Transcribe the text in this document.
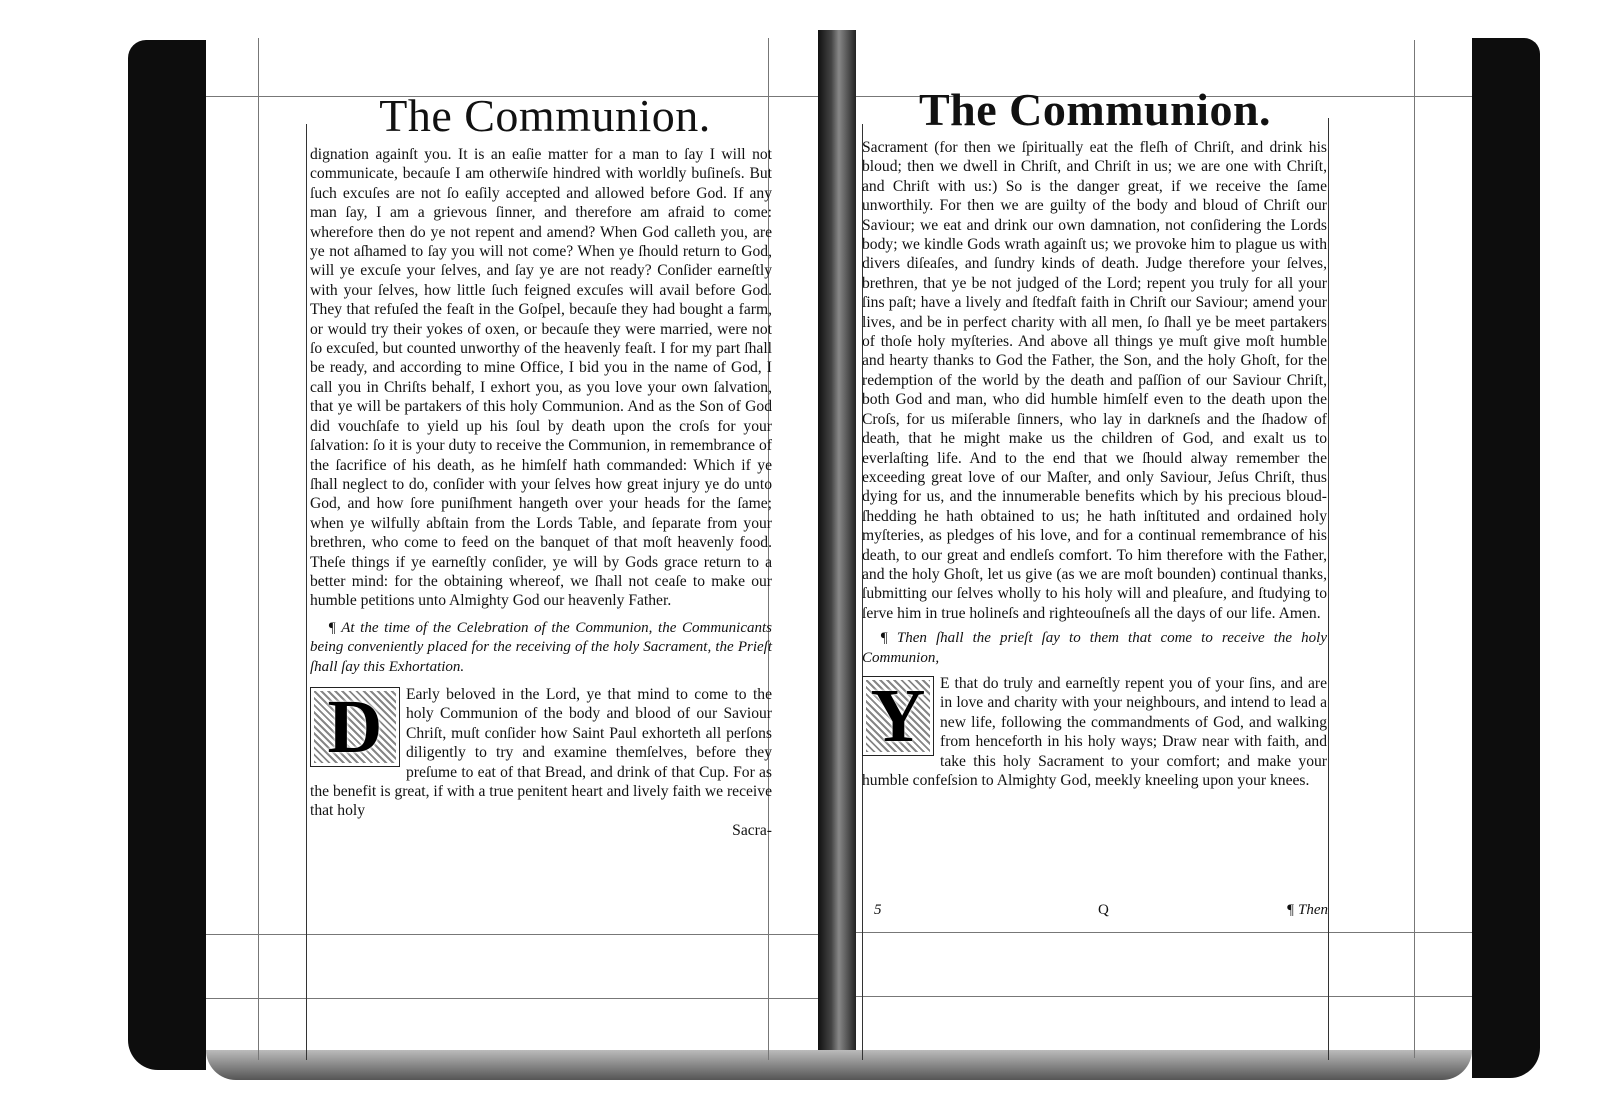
The Communion.

dignation againſt you. It is an eaſie matter for a man to ſay I will not communicate, becauſe I am otherwiſe hindred with worldly buſineſs. But ſuch excuſes are not ſo eaſily accepted and allowed before God. If any man ſay, I am a grievous ſinner, and therefore am afraid to come: wherefore then do ye not repent and amend? When God calleth you, are ye not aſhamed to ſay you will not come? When ye ſhould return to God, will ye excuſe your ſelves, and ſay ye are not ready? Conſider earneſtly with your ſelves, how little ſuch feigned excuſes will avail before God. They that refuſed the feaſt in the Goſpel, becauſe they had bought a farm, or would try their yokes of oxen, or becauſe they were married, were not ſo excuſed, but counted unworthy of the heavenly feaſt. I for my part ſhall be ready, and according to mine Office, I bid you in the name of God, I call you in Chriſts behalf, I exhort you, as you love your own ſalvation, that ye will be partakers of this holy Communion. And as the Son of God did vouchſafe to yield up his ſoul by death upon the croſs for your ſalvation: ſo it is your duty to receive the Communion, in remembrance of the ſacrifice of his death, as he himſelf hath commanded: Which if ye ſhall neglect to do, conſider with your ſelves how great injury ye do unto God, and how ſore puniſhment hangeth over your heads for the ſame; when ye wilfully abſtain from the Lords Table, and ſeparate from your brethren, who come to feed on the banquet of that moſt heavenly food. Theſe things if ye earneſtly conſider, ye will by Gods grace return to a better mind: for the obtaining whereof, we ſhall not ceaſe to make our humble petitions unto Almighty God our heavenly Father.

¶ At the time of the Celebration of the Communion, the Communicants being conveniently placed for the receiving of the holy Sacrament, the Prieſt ſhall ſay this Exhortation.

D	Early beloved in the Lord, ye that mind to come to the holy Communion of the body and blood of our Saviour Chriſt, muſt conſider how Saint Paul exhorteth all perſons diligently to try and examine themſelves, before they preſume to eat of that Bread, and drink of that Cup. For as the benefit is great, if with a true penitent heart and lively faith we receive that holy

Sacra-

The Communion.

Sacrament (for then we ſpiritually eat the fleſh of Chriſt, and drink his bloud; then we dwell in Chriſt, and Chriſt in us; we are one with Chriſt, and Chriſt with us:) So is the danger great, if we receive the ſame unworthily. For then we are guilty of the body and bloud of Chriſt our Saviour; we eat and drink our own damnation, not conſidering the Lords body; we kindle Gods wrath againſt us; we provoke him to plague us with divers diſeaſes, and ſundry kinds of death. Judge therefore your ſelves, brethren, that ye be not judged of the Lord; repent you truly for all your ſins paſt; have a lively and ſtedfaſt faith in Chriſt our Saviour; amend your lives, and be in perfect charity with all men, ſo ſhall ye be meet partakers of thoſe holy myſteries. And above all things ye muſt give moſt humble and hearty thanks to God the Father, the Son, and the holy Ghoſt, for the redemption of the world by the death and paſſion of our Saviour Chriſt, both God and man, who did humble himſelf even to the death upon the Croſs, for us miſerable ſinners, who lay in darkneſs and the ſhadow of death, that he might make us the children of God, and exalt us to everlaſting life. And to the end that we ſhould alway remember the exceeding great love of our Maſter, and only Saviour, Jeſus Chriſt, thus dying for us, and the innumerable benefits which by his precious bloud-ſhedding he hath obtained to us; he hath inſtituted and ordained holy myſteries, as pledges of his love, and for a continual remembrance of his death, to our great and endleſs comfort. To him therefore with the Father, and the holy Ghoſt, let us give (as we are moſt bounden) continual thanks, ſubmitting our ſelves wholly to his holy will and pleaſure, and ſtudying to ſerve him in true holineſs and righteouſneſs all the days of our life. Amen.

¶ Then ſhall the prieſt ſay to them that come to receive the holy Communion,

Y E that do truly and earneſtly repent you of your ſins, and are in love and charity with your neighbours, and intend to lead a new life, following the commandments of God, and walking from henceforth in his holy ways; Draw near with faith, and take this holy Sacrament to your comfort; and make your humble confeſsion to Almighty God, meekly kneeling upon your knees.

5	Q	¶ Then
